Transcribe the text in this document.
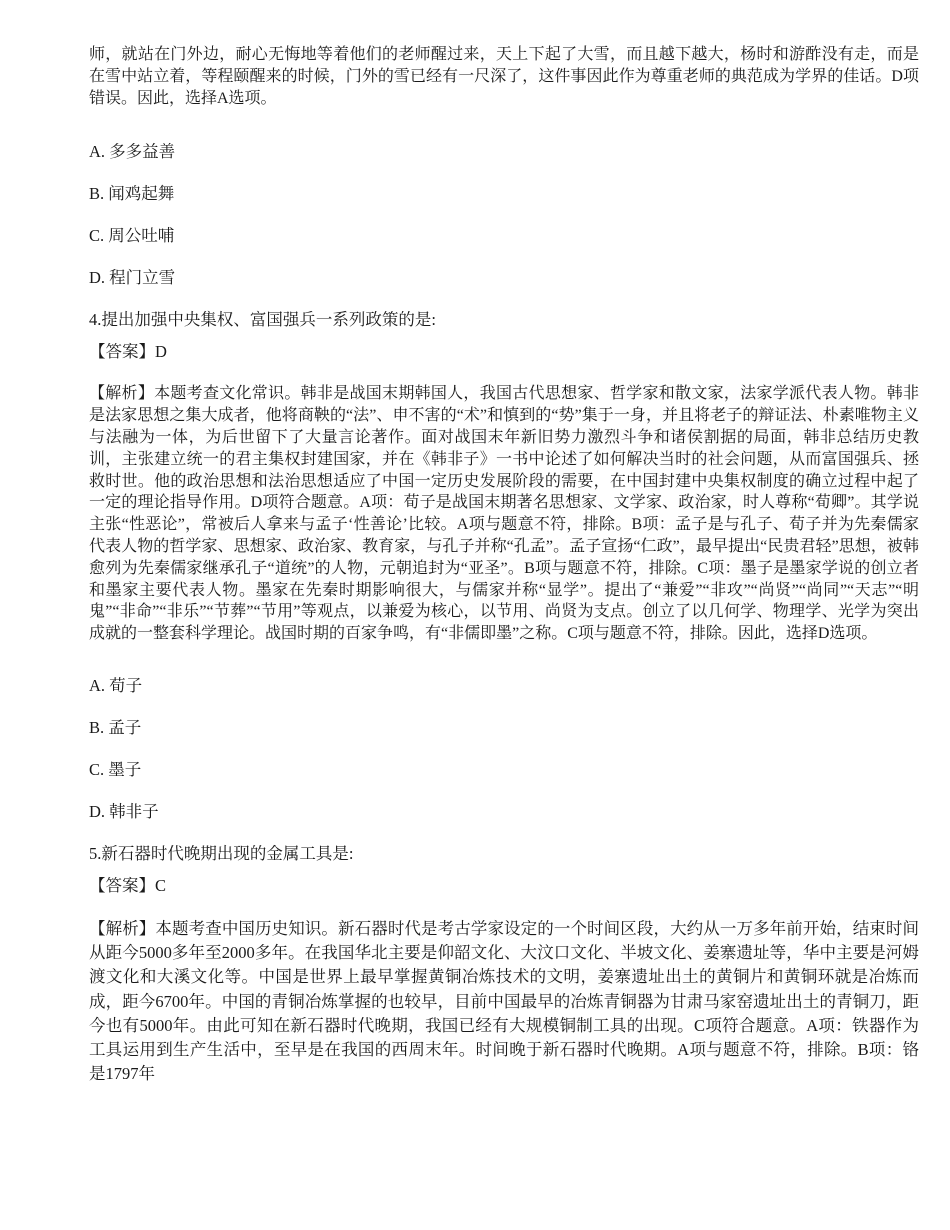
师，就站在门外边，耐心无悔地等着他们的老师醒过来，天上下起了大雪，而且越下越大，杨时和游酢没有走，而是在雪中站立着，等程颐醒来的时候，门外的雪已经有一尺深了，这件事因此作为尊重老师的典范成为学界的佳话。D项错误。因此，选择A选项。

A. 多多益善

B. 闻鸡起舞

C. 周公吐哺

D. 程门立雪

4.提出加强中央集权、富国强兵一系列政策的是:

【答案】D

【解析】本题考查文化常识。韩非是战国末期韩国人，我国古代思想家、哲学家和散文家，法家学派代表人物。韩非是法家思想之集大成者，他将商鞅的“法”、申不害的“术”和慎到的“势”集于一身，并且将老子的辩证法、朴素唯物主义与法融为一体，为后世留下了大量言论著作。面对战国末年新旧势力激烈斗争和诸侯割据的局面，韩非总结历史教训，主张建立统一的君主集权封建国家，并在《韩非子》一书中论述了如何解决当时的社会问题，从而富国强兵、拯救时世。他的政治思想和法治思想适应了中国一定历史发展阶段的需要，在中国封建中央集权制度的确立过程中起了一定的理论指导作用。D项符合题意。A项：荀子是战国末期著名思想家、文学家、政治家，时人尊称“荀卿”。其学说主张“性恶论”，常被后人拿来与孟子‘性善论’比较。A项与题意不符，排除。B项：孟子是与孔子、荀子并为先秦儒家代表人物的哲学家、思想家、政治家、教育家，与孔子并称“孔孟”。孟子宣扬“仁政”，最早提出“民贵君轻”思想，被韩愈列为先秦儒家继承孔子“道统”的人物，元朝追封为“亚圣”。B项与题意不符，排除。C项：墨子是墨家学说的创立者和墨家主要代表人物。墨家在先秦时期影响很大，与儒家并称“显学”。提出了“兼爱”“非攻”“尚贤”“尚同”“天志”“明鬼”“非命”“非乐”“节葬”“节用”等观点，以兼爱为核心，以节用、尚贤为支点。创立了以几何学、物理学、光学为突出成就的一整套科学理论。战国时期的百家争鸣，有“非儒即墨”之称。C项与题意不符，排除。因此，选择D选项。

A. 荀子

B. 孟子

C. 墨子

D. 韩非子

5.新石器时代晚期出现的金属工具是:

【答案】C

【解析】本题考查中国历史知识。新石器时代是考古学家设定的一个时间区段，大约从一万多年前开始，结束时间从距今5000多年至2000多年。在我国华北主要是仰韶文化、大汶口文化、半坡文化、姜寨遗址等，华中主要是河姆渡文化和大溪文化等。中国是世界上最早掌握黄铜冶炼技术的文明，姜寨遗址出土的黄铜片和黄铜环就是冶炼而成，距今6700年。中国的青铜冶炼掌握的也较早，目前中国最早的冶炼青铜器为甘肃马家窑遗址出土的青铜刀，距今也有5000年。由此可知在新石器时代晚期，我国已经有大规模铜制工具的出现。C项符合题意。A项：铁器作为工具运用到生产生活中，至早是在我国的西周末年。时间晚于新石器时代晚期。A项与题意不符，排除。B项：铬是1797年
